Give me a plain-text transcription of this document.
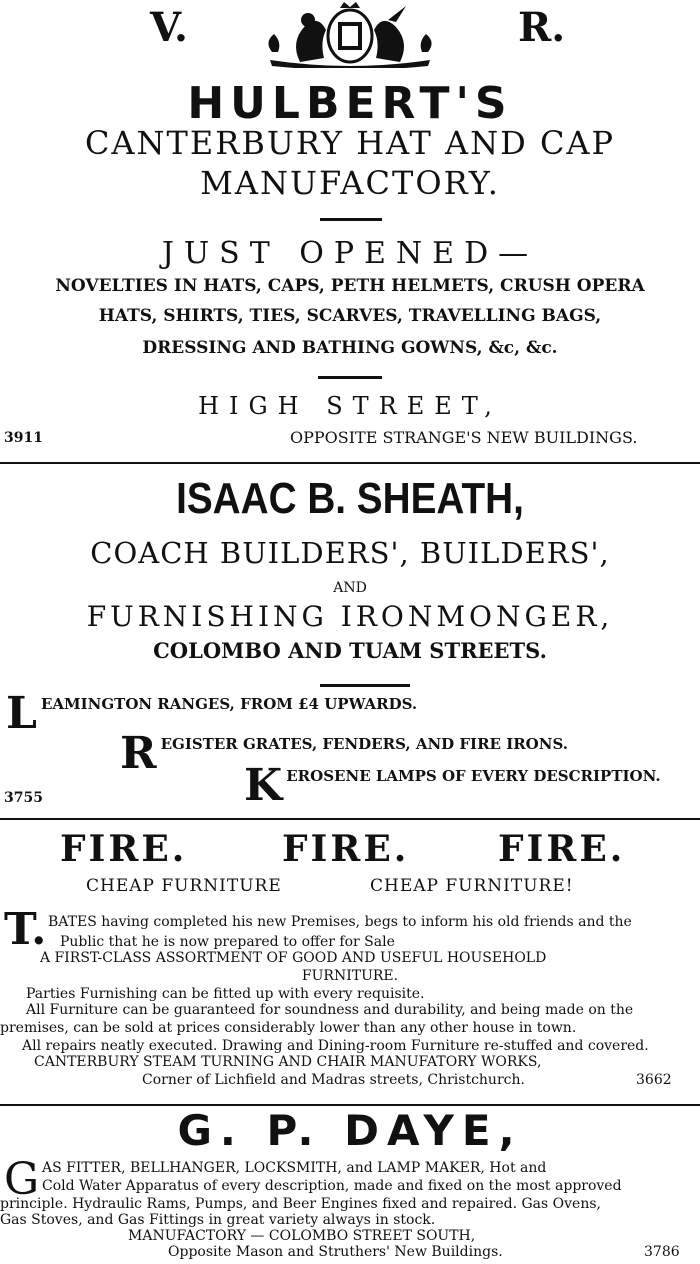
V.	R.
HULBERT'S
CANTERBURY HAT AND CAP
MANUFACTORY.
JUST OPENED—
NOVELTIES IN HATS, CAPS, PETH HELMETS, CRUSH OPERA
HATS, SHIRTS, TIES, SCARVES, TRAVELLING BAGS,
DRESSING AND BATHING GOWNS, &c, &c.
HIGH STREET,
3911	OPPOSITE STRANGE'S NEW BUILDINGS.
ISAAC B. SHEATH,
COACH BUILDERS', BUILDERS',
AND
FURNISHING IRONMONGER,
COLOMBO AND TUAM STREETS.
L EAMINGTON RANGES, FROM £4 UPWARDS.
R EGISTER GRATES, FENDERS, AND FIRE IRONS.
K EROSENE LAMPS OF EVERY DESCRIPTION.
3755
FIRE.	FIRE. FIRE.
CHEAP FURNITURE	CHEAP FURNITURE!
T. BATES having completed his new Premises, begs to inform his old friends and the
Public that he is now prepared to offer for Sale
A FIRST-CLASS ASSORTMENT OF GOOD AND USEFUL HOUSEHOLD
FURNITURE.
Parties Furnishing can be fitted up with every requisite.
All Furniture can be guaranteed for soundness and durability, and being made on the
premises, can be sold at prices considerably lower than any other house in town.
All repairs neatly executed. Drawing and Dining-room Furniture re-stuffed and covered.
CANTERBURY STEAM TURNING AND CHAIR MANUFATORY WORKS,
Corner of Lichfield and Madras streets, Christchurch.	3662
G. P. DAYE,
G AS FITTER, BELLHANGER, LOCKSMITH, and LAMP MAKER, Hot and
Cold Water Apparatus of every description, made and fixed on the most approved
principle. Hydraulic Rams, Pumps, and Beer Engines fixed and repaired. Gas Ovens,
Gas Stoves, and Gas Fittings in great variety always in stock.
MANUFACTORY — COLOMBO STREET SOUTH,
Opposite Mason and Struthers' New Buildings.	3786
